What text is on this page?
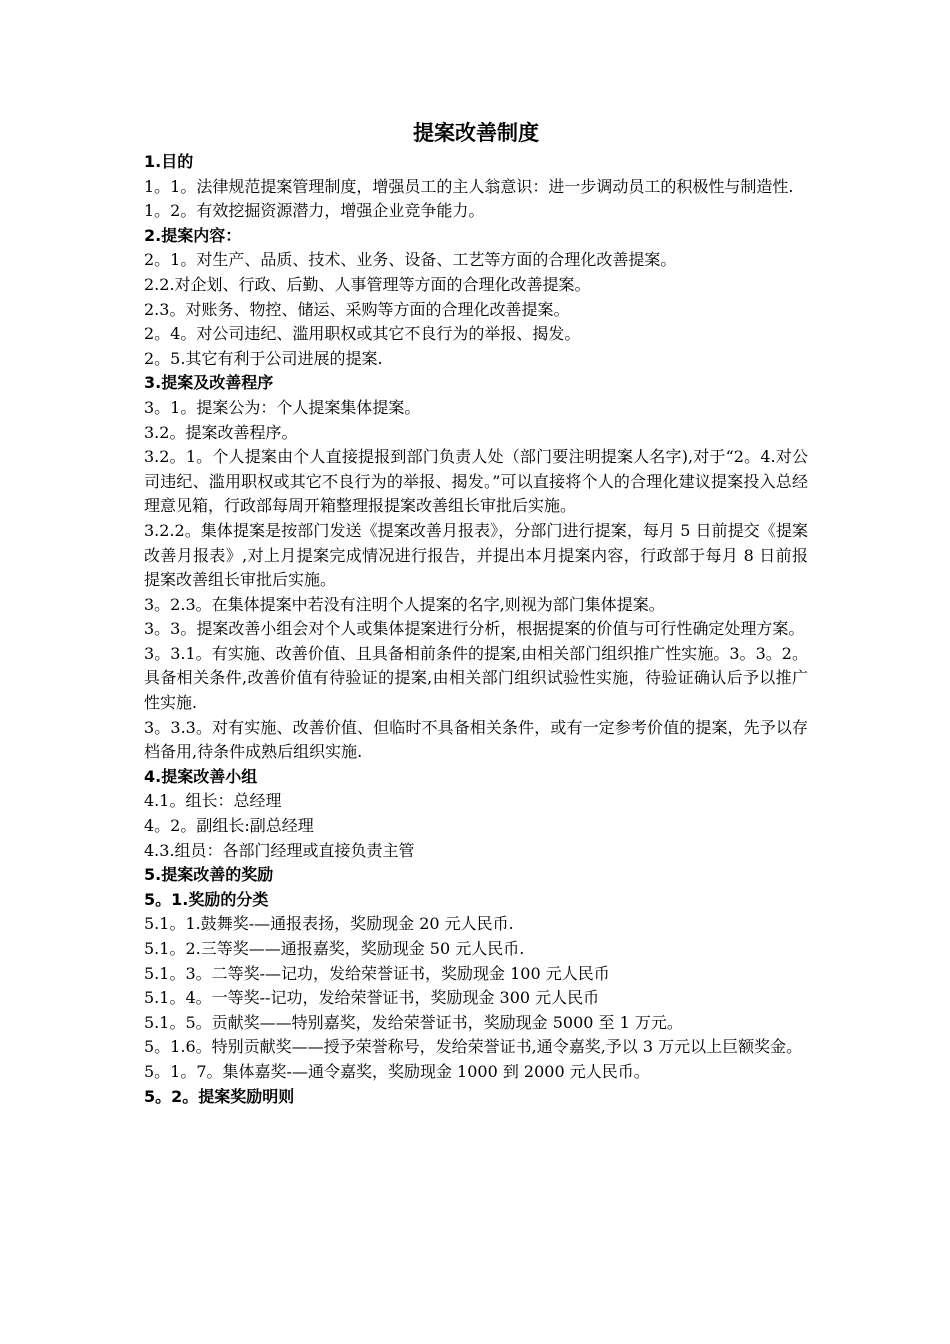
提案改善制度

1.目的

1。1。法律规范提案管理制度，增强员工的主人翁意识：进一步调动员工的积极性与制造性.

1。2。有效挖掘资源潜力，增强企业竞争能力。

2.提案内容：

2。1。对生产、品质、技术、业务、设备、工艺等方面的合理化改善提案。

2.2.对企划、行政、后勤、人事管理等方面的合理化改善提案。

2.3。对账务、物控、储运、采购等方面的合理化改善提案。

2。4。对公司违纪、滥用职权或其它不良行为的举报、揭发。

2。5.其它有利于公司进展的提案.

3.提案及改善程序

3。1。提案公为：个人提案集体提案。

3.2。提案改善程序。

3.2。1。个人提案由个人直接提报到部门负责人处（部门要注明提案人名字),对于“2。4.对公司违纪、滥用职权或其它不良行为的举报、揭发。”可以直接将个人的合理化建议提案投入总经理意见箱，行政部每周开箱整理报提案改善组长审批后实施。

3.2.2。集体提案是按部门发送《提案改善月报表》，分部门进行提案，每月 5 日前提交《提案改善月报表》,对上月提案完成情况进行报告，并提出本月提案内容，行政部于每月 8 日前报提案改善组长审批后实施。

3。2.3。在集体提案中若没有注明个人提案的名字,则视为部门集体提案。

3。3。提案改善小组会对个人或集体提案进行分析，根据提案的价值与可行性确定处理方案。

3。3.1。有实施、改善价值、且具备相前条件的提案,由相关部门组织推广性实施。3。3。2。具备相关条件,改善价值有待验证的提案,由相关部门组织试验性实施，待验证确认后予以推广性实施.

3。3.3。对有实施、改善价值、但临时不具备相关条件，或有一定参考价值的提案，先予以存档备用,待条件成熟后组织实施.

4.提案改善小组

4.1。组长：总经理

4。2。副组长:副总经理

4.3.组员：各部门经理或直接负责主管

5.提案改善的奖励

5。1.奖励的分类

5.1。1.鼓舞奖-—通报表扬，奖励现金 20 元人民币.

5.1。2.三等奖——通报嘉奖，奖励现金 50 元人民币.

5.1。3。二等奖-—记功，发给荣誉证书，奖励现金 100 元人民币

5.1。4。一等奖--记功，发给荣誉证书，奖励现金 300 元人民币

5.1。5。贡献奖——特别嘉奖，发给荣誉证书，奖励现金 5000 至 1 万元。

5。1.6。特别贡献奖——授予荣誉称号，发给荣誉证书,通令嘉奖,予以 3 万元以上巨额奖金。

5。1。7。集体嘉奖-—通令嘉奖，奖励现金 1000 到 2000 元人民币。

5。2。提案奖励明则
